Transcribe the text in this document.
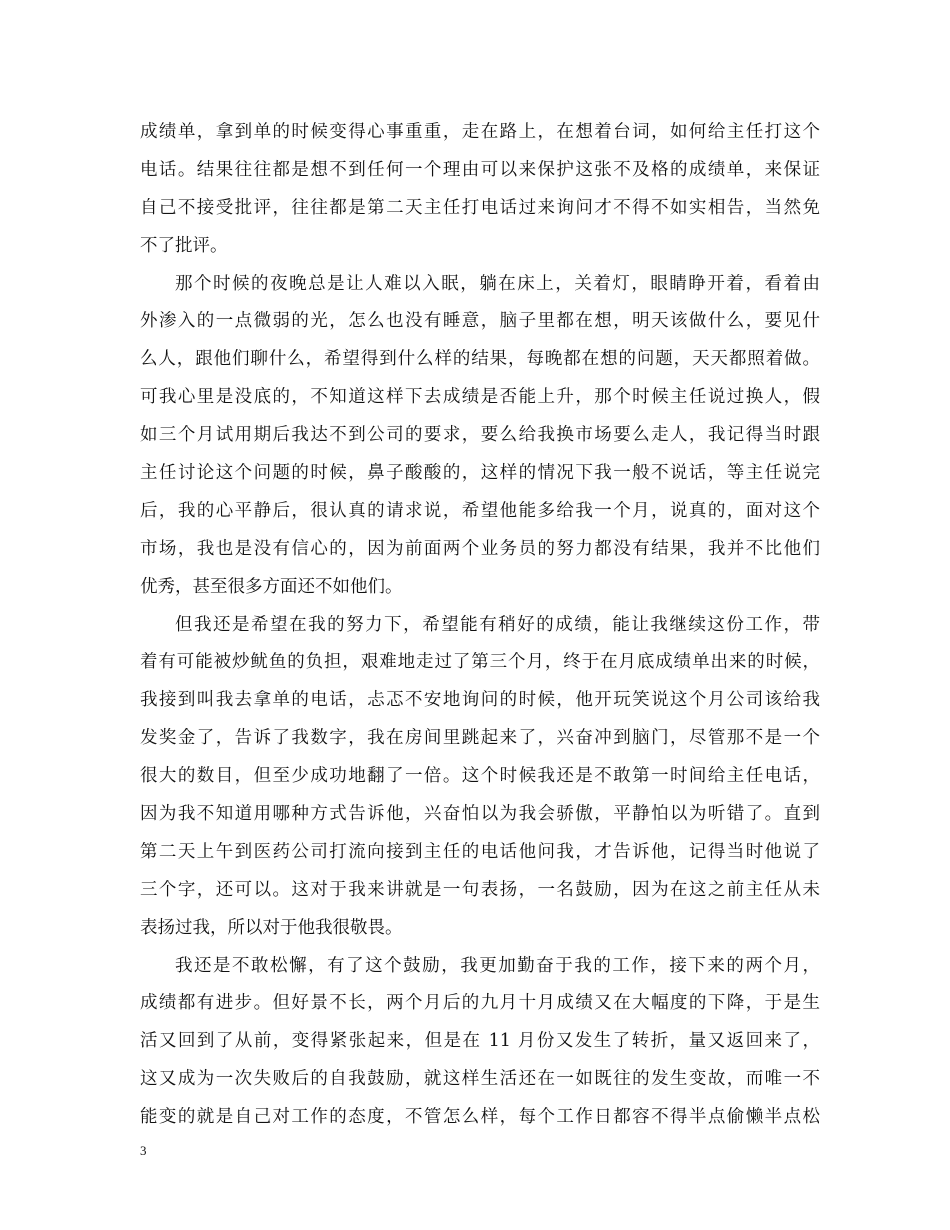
成绩单，拿到单的时候变得心事重重，走在路上，在想着台词，如何给主任打这个
电话。结果往往都是想不到任何一个理由可以来保护这张不及格的成绩单，来保证
自己不接受批评，往往都是第二天主任打电话过来询问才不得不如实相告，当然免
不了批评。
那个时候的夜晚总是让人难以入眠，躺在床上，关着灯，眼睛睁开着，看着由
外渗入的一点微弱的光，怎么也没有睡意，脑子里都在想，明天该做什么，要见什
么人，跟他们聊什么，希望得到什么样的结果，每晚都在想的问题，天天都照着做。
可我心里是没底的，不知道这样下去成绩是否能上升，那个时候主任说过换人，假
如三个月试用期后我达不到公司的要求，要么给我换市场要么走人，我记得当时跟
主任讨论这个问题的时候，鼻子酸酸的，这样的情况下我一般不说话，等主任说完
后，我的心平静后，很认真的请求说，希望他能多给我一个月，说真的，面对这个
市场，我也是没有信心的，因为前面两个业务员的努力都没有结果，我并不比他们
优秀，甚至很多方面还不如他们。
但我还是希望在我的努力下，希望能有稍好的成绩，能让我继续这份工作，带
着有可能被炒鱿鱼的负担，艰难地走过了第三个月，终于在月底成绩单出来的时候，
我接到叫我去拿单的电话，忐忑不安地询问的时候，他开玩笑说这个月公司该给我
发奖金了，告诉了我数字，我在房间里跳起来了，兴奋冲到脑门，尽管那不是一个
很大的数目，但至少成功地翻了一倍。这个时候我还是不敢第一时间给主任电话，
因为我不知道用哪种方式告诉他，兴奋怕以为我会骄傲，平静怕以为听错了。直到
第二天上午到医药公司打流向接到主任的电话他问我，才告诉他，记得当时他说了
三个字，还可以。这对于我来讲就是一句表扬，一名鼓励，因为在这之前主任从未
表扬过我，所以对于他我很敬畏。
我还是不敢松懈，有了这个鼓励，我更加勤奋于我的工作，接下来的两个月，
成绩都有进步。但好景不长，两个月后的九月十月成绩又在大幅度的下降，于是生
活又回到了从前，变得紧张起来，但是在 11 月份又发生了转折，量又返回来了，
这又成为一次失败后的自我鼓励，就这样生活还在一如既往的发生变故，而唯一不
能变的就是自己对工作的态度，不管怎么样，每个工作日都容不得半点偷懒半点松
3
